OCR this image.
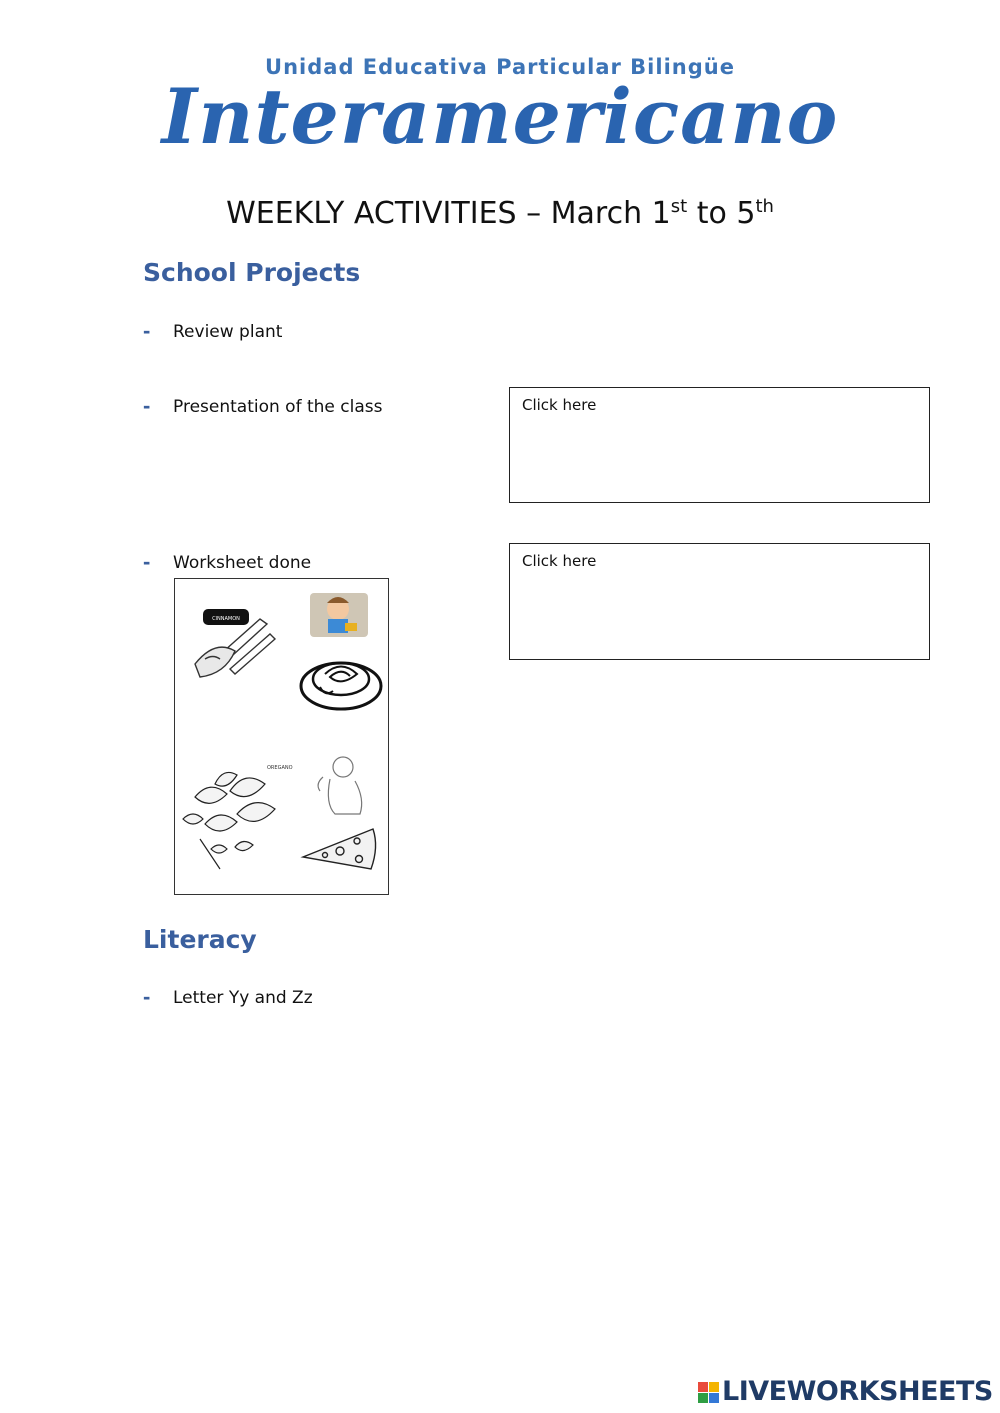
Unidad Educativa Particular Bilingüe
Interamericano
WEEKLY ACTIVITIES – March 1st to 5th
School Projects
- Review plant
- Presentation of the class	Click here
- Worksheet done	Click here
CINNAMON
OREGANO
Literacy
- Letter Yy and Zz
LIVEWORKSHEETS
